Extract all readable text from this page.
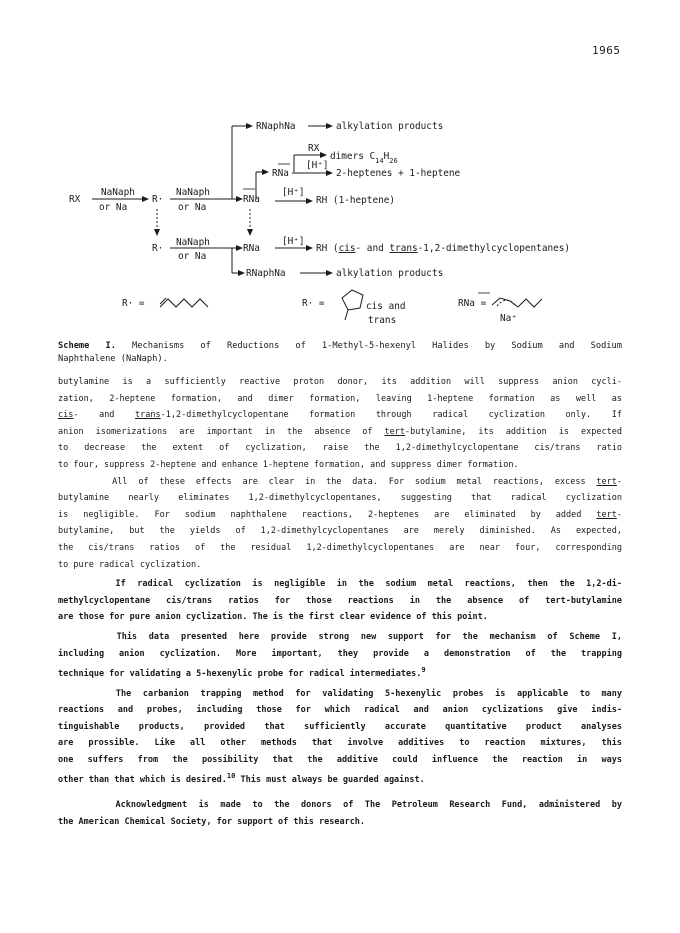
1965
RX
NaNaph
or Na
R·
NaNaph
or Na
RNa
RNaphNa	alkylation products
RX
dimers $C_{14}H_{26}$
RNa
[H⁺]
2-heptenes + 1-heptene
[H⁺]
RH (1-heptene)
R·
NaNaph
or Na
RNa
[H⁺]
RH (cis- and trans-1,2-dimethylcyclopentanes)
RNaphNa	alkylation products
R· =	R· =	cis and
trans
RNa =
Na⁺
Scheme I. Mechanisms of Reductions of 1-Methyl-5-hexenyl Halides by Sodium and Sodium
Naphthalene (NaNaph).
butylamine is a sufficiently reactive proton donor, its addition will suppress anion cycli-
zation, 2-heptene formation, and dimer formation, leaving 1-heptene formation as well as
cis- and trans-1,2-dimethylcyclopentane formation through radical cyclization only. If
anion isomerizations are important in the absence of tert-butylamine, its addition is expected
to decrease the extent of cyclization, raise the 1,2-dimethylcyclopentane cis/trans ratio
to four, suppress 2-heptene and enhance 1-heptene formation, and suppress dimer formation.
All of these effects are clear in the data. For sodium metal reactions, excess tert-
butylamine nearly eliminates 1,2-dimethylcyclopentanes, suggesting that radical cyclization
is negligible. For sodium naphthalene reactions, 2-heptenes are eliminated by added tert-
butylamine, but the yields of 1,2-dimethylcyclopentanes are merely diminished. As expected,
the cis/trans ratios of the residual 1,2-dimethylcyclopentanes are near four, corresponding
to pure radical cyclization.
If radical cyclization is negligible in the sodium metal reactions, then the 1,2-di-
methylcyclopentane cis/trans ratios for those reactions in the absence of tert-butylamine
are those for pure anion cyclization. The is the first clear evidence of this point.
This data presented here provide strong new support for the mechanism of Scheme I,
including anion cyclization. More important, they provide a demonstration of the trapping
technique for validating a 5-hexenylic probe for radical intermediates.$^9$
The carbanion trapping method for validating 5-hexenylic probes is applicable to many
reactions and probes, including those for which radical and anion cyclizations give indis-
tinguishable products, provided that sufficiently accurate quantitative product analyses
are prossible. Like all other methods that involve additives to reaction mixtures, this
one suffers from the possibility that the additive could influence the reaction in ways
other than that which is desired.$^{10}$ This must always be guarded against.
Acknowledgment is made to the donors of The Petroleum Research Fund, administered by
the American Chemical Society, for support of this research.
